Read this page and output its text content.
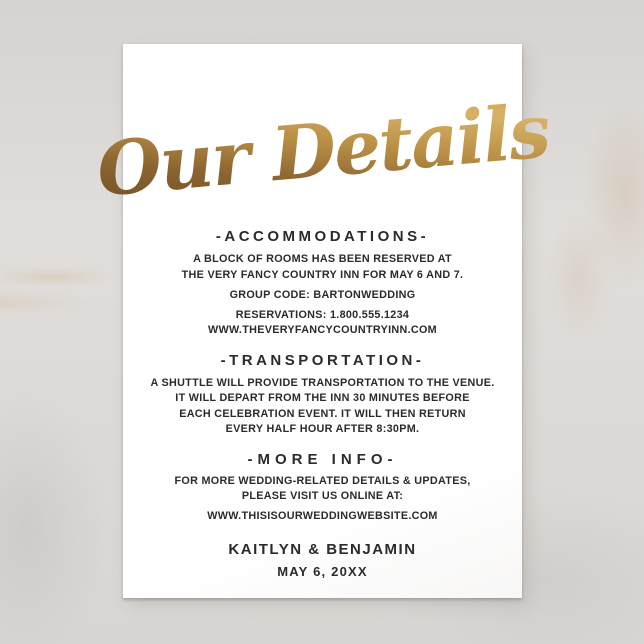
Our Details
-ACCOMMODATIONS-

A BLOCK OF ROOMS HAS BEEN RESERVED AT
THE VERY FANCY COUNTRY INN FOR MAY 6 AND 7.

GROUP CODE: BARTONWEDDING

RESERVATIONS: 1.800.555.1234
WWW.THEVERYFANCYCOUNTRYINN.COM

-TRANSPORTATION-

A SHUTTLE WILL PROVIDE TRANSPORTATION TO THE VENUE.
IT WILL DEPART FROM THE INN 30 MINUTES BEFORE
EACH CELEBRATION EVENT. IT WILL THEN RETURN
EVERY HALF HOUR AFTER 8:30PM.

-MORE INFO-

FOR MORE WEDDING-RELATED DETAILS & UPDATES,
PLEASE VISIT US ONLINE AT:

WWW.THISISOURWEDDINGWEBSITE.COM

KAITLYN & BENJAMIN
MAY 6, 20XX
